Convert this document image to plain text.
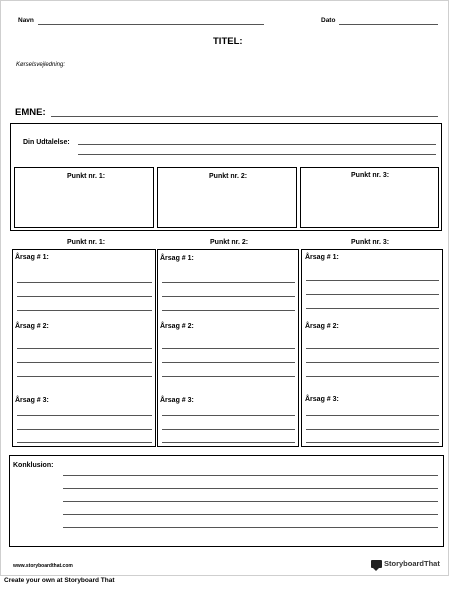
Navn	Dato
TITEL:
Kørselsvejledning:
EMNE:
Din Udtalelse:
Punkt nr. 1:	Punkt nr. 2:	Punkt nr. 3:
Punkt nr. 1:	Punkt nr. 2:	Punkt nr. 3:
Årsag # 1:
Årsag # 2:
Årsag # 3:
Årsag # 1:
Årsag # 2:
Årsag # 3:
Årsag # 1:
Årsag # 2:
Årsag # 3:
Konklusion:
www.storyboardthat.com	StoryboardThat
Create your own at Storyboard That
